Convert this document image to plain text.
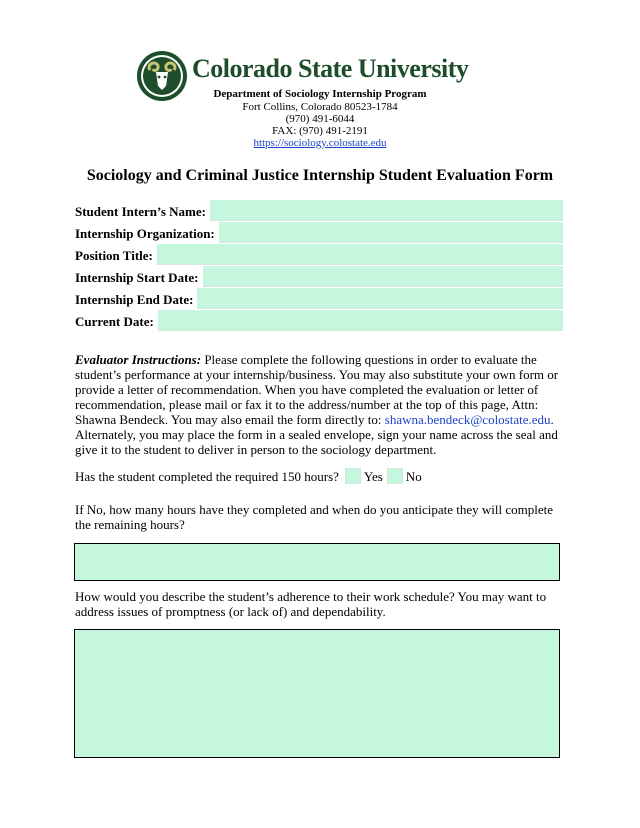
Colorado State University
Department of Sociology Internship Program
Fort Collins, Colorado 80523-1784
(970) 491-6044
FAX: (970) 491-2191
https://sociology.colostate.edu
Sociology and Criminal Justice Internship Student Evaluation Form
Student Intern’s Name:
Internship Organization:
Position Title:
Internship Start Date:
Internship End Date:
Current Date:
Evaluator Instructions: Please complete the following questions in order to evaluate the student’s performance at your internship/business. You may also substitute your own form or provide a letter of recommendation. When you have completed the evaluation or letter of recommendation, please mail or fax it to the address/number at the top of this page, Attn: Shawna Bendeck. You may also email the form directly to: shawna.bendeck@colostate.edu. Alternately, you may place the form in a sealed envelope, sign your name across the seal and give it to the student to deliver in person to the sociology department.
Has the student completed the required 150 hours? Yes No
If No, how many hours have they completed and when do you anticipate they will complete the remaining hours?
How would you describe the student’s adherence to their work schedule? You may want to address issues of promptness (or lack of) and dependability.
